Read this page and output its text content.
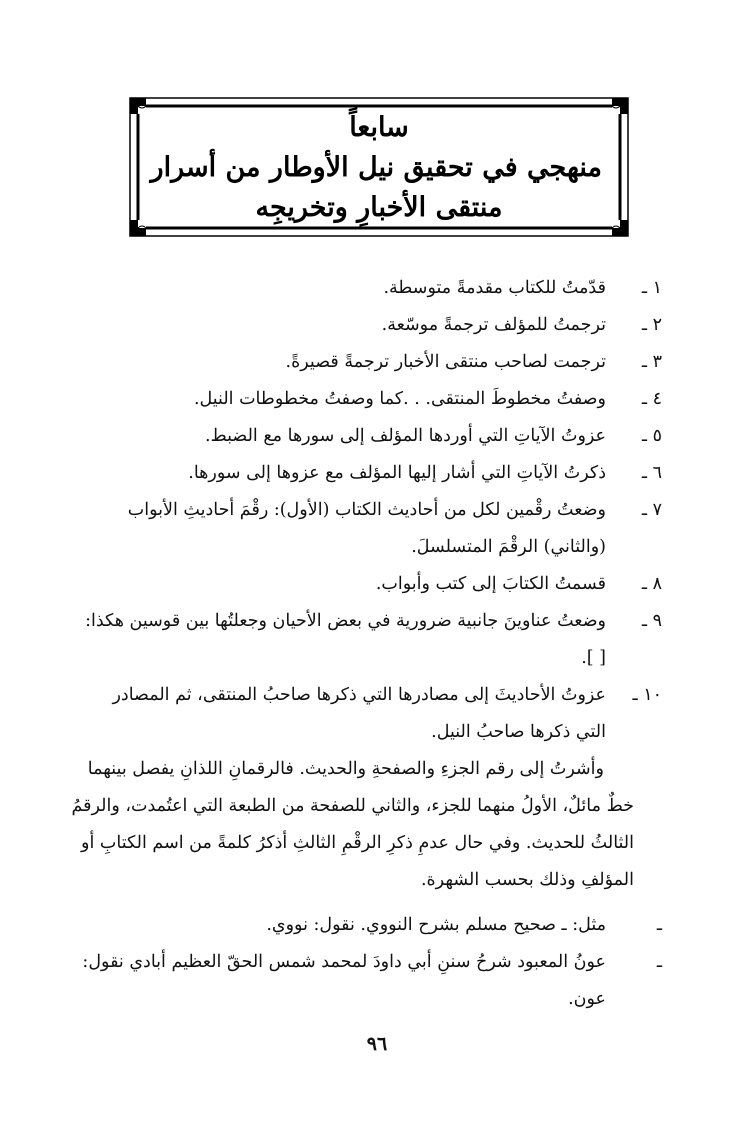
سابعاً
منهجي في تحقيق نيل الأوطار من أسرار
منتقى الأخبارِ وتخريجِه
١ ـ
قدّمتُ للكتاب مقدمةً متوسطة.
٢ ـ
ترجمتُ للمؤلف ترجمةً موسّعة.
٣ ـ
ترجمت لصاحب منتقى الأخبار ترجمةً قصيرةً.
٤ ـ
وصفتُ مخطوطَ المنتقى. . .كما وصفتُ مخطوطات النيل.
٥ ـ
عزوتُ الآياتِ التي أوردها المؤلف إلى سورها مع الضبط.
٦ ـ
ذكرتُ الآياتِ التي أشار إليها المؤلف مع عزوها إلى سورها.
٧ ـ
وضعتُ رقْمين لكل من أحاديث الكتاب (الأول): رقْمَ أحاديثِ الأبواب
(والثاني) الرقْمَ المتسلسلَ.
٨ ـ
قسمتُ الكتابَ إلى كتب وأبواب.
٩ ـ
وضعتُ عناوينَ جانبية ضرورية في بعض الأحيان وجعلتُها بين قوسين هكذا:
[ ].
١٠ ـ
عزوتُ الأحاديثَ إلى مصادرها التي ذكرها صاحبُ المنتقى، ثم المصادر
التي ذكرها صاحبُ النيل.
وأشرتُ إلى رقم الجزءِ والصفحةِ والحديث. فالرقمانِ اللذانِ يفصل بينهما
خطٌ مائلٌ، الأولُ منهما للجزء، والثاني للصفحة من الطبعة التي اعتُمدت، والرقمُ
الثالثُ للحديث. وفي حال عدمِ ذكرِ الرقْمِ الثالثِ أذكرُ كلمةً من اسم الكتابِ أو
المؤلفِ وذلك بحسب الشهرة.
ـ
مثل: ـ صحيح مسلم بشرح النووي. نقول: نووي.
ـ
عونُ المعبود شرحُ سننِ أبي داودَ لمحمد شمس الحقّ العظيم أبادي نقول:
عون.
٩٦
